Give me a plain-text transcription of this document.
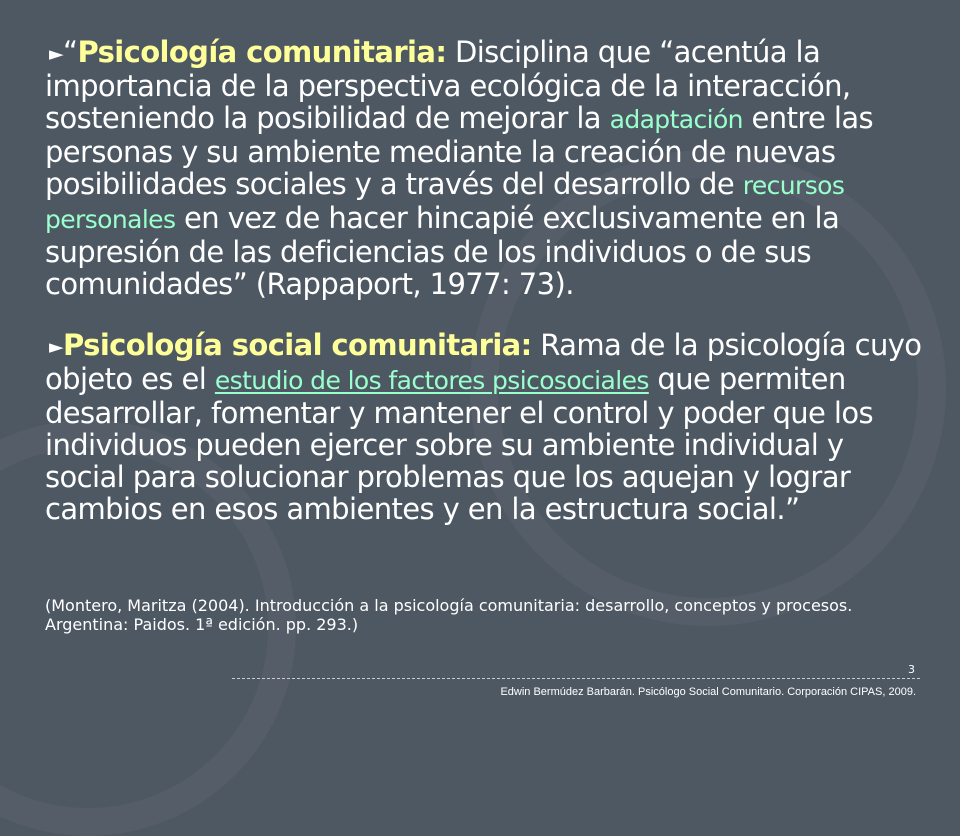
►“Psicología comunitaria: Disciplina que “acentúa la importancia de la perspectiva ecológica de la interacción, sosteniendo la posibilidad de mejorar la adaptación entre las personas y su ambiente mediante la creación de nuevas posibilidades sociales y a través del desarrollo de recursos personales en vez de hacer hincapié exclusivamente en la supresión de las deficiencias de los individuos o de sus comunidades” (Rappaport, 1977: 73).
►Psicología social comunitaria: Rama de la psicología cuyo objeto es el estudio de los factores psicosociales que permiten desarrollar, fomentar y mantener el control y poder que los individuos pueden ejercer sobre su ambiente individual y social para solucionar problemas que los aquejan y lograr cambios en esos ambientes y en la estructura social.”
(Montero, Maritza (2004). Introducción a la psicología comunitaria: desarrollo, conceptos y procesos. Argentina: Paidos. 1ª edición. pp. 293.)
3
Edwin Bermúdez Barbarán. Psicólogo Social Comunitario. Corporación CIPAS, 2009.
